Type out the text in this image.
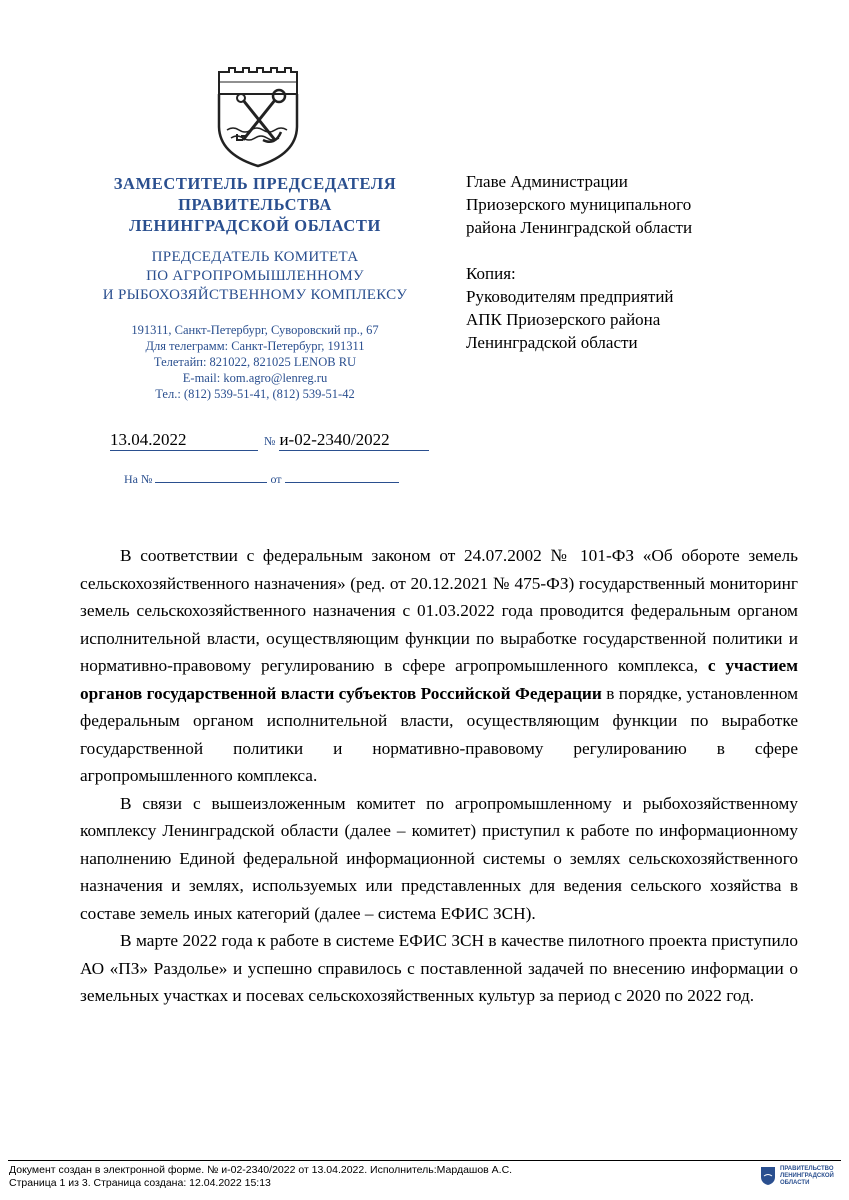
ЗАМЕСТИТЕЛЬ ПРЕДСЕДАТЕЛЯ
ПРАВИТЕЛЬСТВА
ЛЕНИНГРАДСКОЙ ОБЛАСТИ
ПРЕДСЕДАТЕЛЬ КОМИТЕТА
ПО АГРОПРОМЫШЛЕННОМУ
И РЫБОХОЗЯЙСТВЕННОМУ КОМПЛЕКСУ
191311, Санкт-Петербург, Суворовский пр., 67
Для телеграмм: Санкт-Петербург, 191311
Телетайп: 821022, 821025 LENOB RU
E-mail: kom.agro@lenreg.ru
Тел.: (812) 539-51-41, (812) 539-51-42
13.04.2022	№ и-02-2340/2022
На №	от
Главе Администрации
Приозерского муниципального
района Ленинградской области
Копия:
Руководителям предприятий
АПК Приозерского района
Ленинградской области

В соответствии с федеральным законом от 24.07.2002 № 101-ФЗ «Об обороте земель сельскохозяйственного назначения» (ред. от 20.12.2021 № 475-ФЗ) государственный мониторинг земель сельскохозяйственного назначения с 01.03.2022 года проводится федеральным органом исполнительной власти, осуществляющим функции по выработке государственной политики и нормативно-правовому регулированию в сфере агропромышленного комплекса, с участием органов государственной власти субъектов Российской Федерации в порядке, установленном федеральным органом исполнительной власти, осуществляющим функции по выработке государственной политики и нормативно-правовому регулированию в сфере агропромышленного комплекса.

В связи с вышеизложенным комитет по агропромышленному и рыбохозяйственному комплексу Ленинградской области (далее – комитет) приступил к работе по информационному наполнению Единой федеральной информационной системы о землях сельскохозяйственного назначения и землях, используемых или представленных для ведения сельского хозяйства в составе земель иных категорий (далее – система ЕФИС ЗСН).

В марте 2022 года к работе в системе ЕФИС ЗСН в качестве пилотного проекта приступило АО «ПЗ» Раздолье» и успешно справилось с поставленной задачей по внесению информации о земельных участках и посевах сельскохозяйственных культур за период с 2020 по 2022 год.

Документ создан в электронной форме. № и-02-2340/2022 от 13.04.2022. Исполнитель:Мардашов А.С.
Страница 1 из 3. Страница создана: 12.04.2022 15:13
ПРАВИТЕЛЬСТВО
ЛЕНИНГРАДСКОЙ
ОБЛАСТИ
